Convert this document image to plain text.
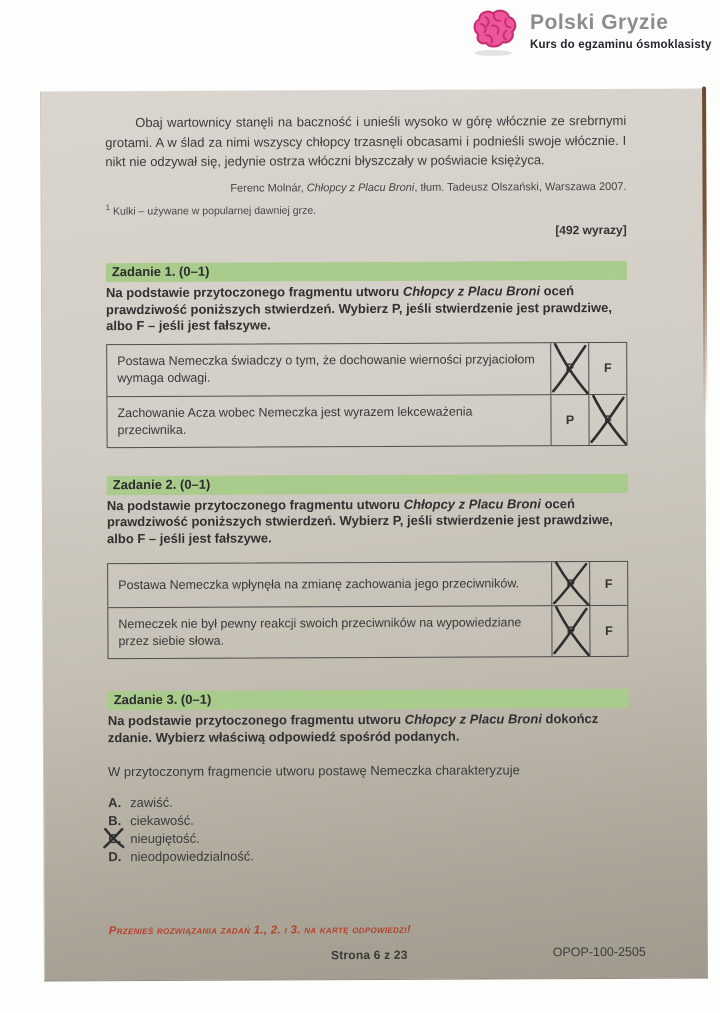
Polski Gryzie
Kurs do egzaminu ósmoklasisty

Obaj wartownicy stanęli na baczność i unieśli wysoko w górę włócznie ze srebrnymi grotami. A w ślad za nimi wszyscy chłopcy trzasnęli obcasami i podnieśli swoje włócznie. I nikt nie odzywał się, jedynie ostrza włóczni błyszczały w poświacie księżyca.

Ferenc Molnár, Chłopcy z Placu Broni, tłum. Tadeusz Olszański, Warszawa 2007.

$^1$ Kulki – używane w popularnej dawniej grze.

[492 wyrazy]

Zadanie 1. (0–1)

Na podstawie przytoczonego fragmentu utworu Chłopcy z Placu Broni oceń prawdziwość poniższych stwierdzeń. Wybierz P, jeśli stwierdzenie jest prawdziwe, albo F – jeśli jest fałszywe.

Postawa Nemeczka świadczy o tym, że dochowanie wierności przyjaciołom wymaga odwagi.
P F
Zachowanie Acza wobec Nemeczka jest wyrazem lekceważenia przeciwnika.
P F
Zadanie 2. (0–1)

Na podstawie przytoczonego fragmentu utworu Chłopcy z Placu Broni oceń prawdziwość poniższych stwierdzeń. Wybierz P, jeśli stwierdzenie jest prawdziwe, albo F – jeśli jest fałszywe.

Postawa Nemeczka wpłynęła na zmianę zachowania jego przeciwników.	P F
Nemeczek nie był pewny reakcji swoich przeciwników na wypowiedziane przez siebie słowa.
P F
Zadanie 3. (0–1)

Na podstawie przytoczonego fragmentu utworu Chłopcy z Placu Broni dokończ zdanie. Wybierz właściwą odpowiedź spośród podanych.

W przytoczonym fragmencie utworu postawę Nemeczka charakteryzuje

A. zawiść.
B. ciekawość.
C. nieugiętość.
D. nieodpowiedzialność.

Przenieś rozwiązania zadań 1., 2. i 3. na kartę odpowiedzi!

Strona 6 z 23	OPOP-100-2505
